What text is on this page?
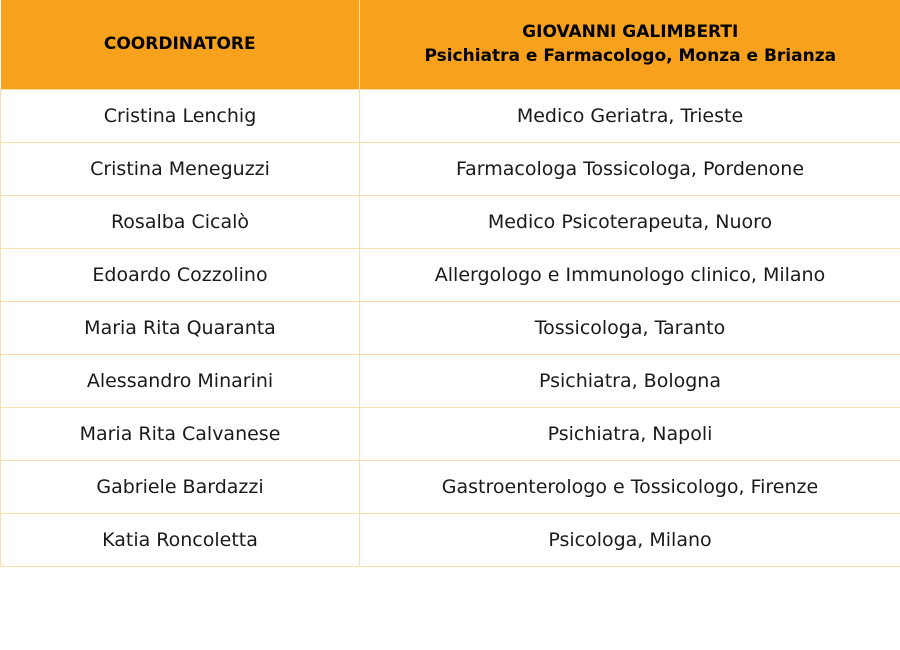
COORDINATORE	GIOVANNI GALIMBERTI
Psichiatra e Farmacologo, Monza e Brianza

Cristina Lenchig	Medico Geriatra, Trieste
Cristina Meneguzzi	Farmacologa Tossicologa, Pordenone
Rosalba Cicalò	Medico Psicoterapeuta, Nuoro
Edoardo Cozzolino	Allergologo e Immunologo clinico, Milano
Maria Rita Quaranta	Tossicologa, Taranto
Alessandro Minarini	Psichiatra, Bologna
Maria Rita Calvanese	Psichiatra, Napoli
Gabriele Bardazzi	Gastroenterologo e Tossicologo, Firenze
Katia Roncoletta	Psicologa, Milano
